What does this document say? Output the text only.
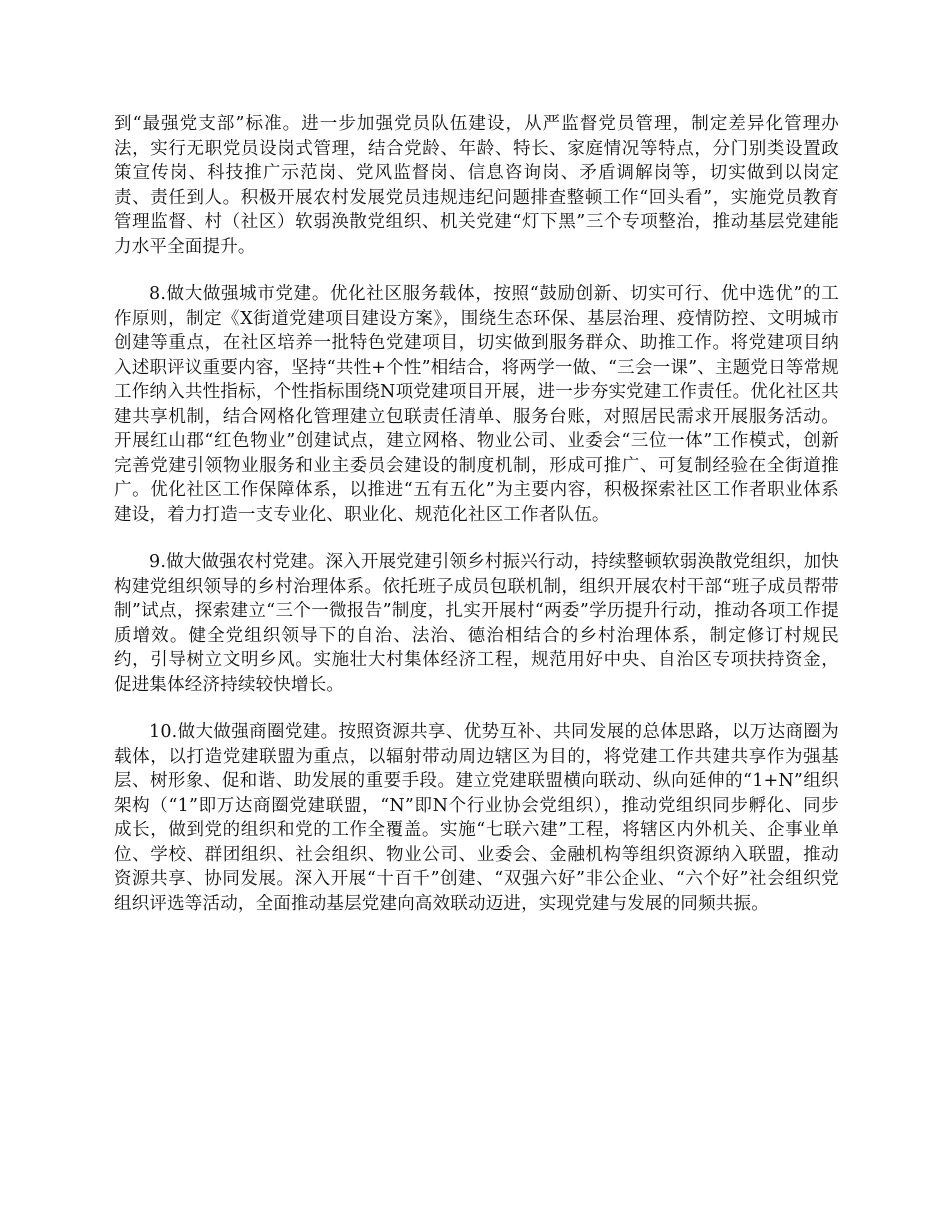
到“最强党支部”标准。进一步加强党员队伍建设，从严监督党员管理，制定差异化管理办法，实行无职党员设岗式管理，结合党龄、年龄、特长、家庭情况等特点，分门别类设置政策宣传岗、科技推广示范岗、党风监督岗、信息咨询岗、矛盾调解岗等，切实做到以岗定责、责任到人。积极开展农村发展党员违规违纪问题排查整顿工作“回头看”，实施党员教育管理监督、村（社区）软弱涣散党组织、机关党建“灯下黑”三个专项整治，推动基层党建能力水平全面提升。

8.做大做强城市党建。优化社区服务载体，按照“鼓励创新、切实可行、优中选优”的工作原则，制定《X街道党建项目建设方案》，围绕生态环保、基层治理、疫情防控、文明城市创建等重点，在社区培养一批特色党建项目，切实做到服务群众、助推工作。将党建项目纳入述职评议重要内容，坚持“共性+个性”相结合，将两学一做、“三会一课”、主题党日等常规工作纳入共性指标，个性指标围绕N项党建项目开展，进一步夯实党建工作责任。优化社区共建共享机制，结合网格化管理建立包联责任清单、服务台账，对照居民需求开展服务活动。开展红山郡“红色物业”创建试点，建立网格、物业公司、业委会“三位一体”工作模式，创新完善党建引领物业服务和业主委员会建设的制度机制，形成可推广、可复制经验在全街道推广。优化社区工作保障体系，以推进“五有五化”为主要内容，积极探索社区工作者职业体系建设，着力打造一支专业化、职业化、规范化社区工作者队伍。

9.做大做强农村党建。深入开展党建引领乡村振兴行动，持续整顿软弱涣散党组织，加快构建党组织领导的乡村治理体系。依托班子成员包联机制，组织开展农村干部“班子成员帮带制”试点，探索建立“三个一微报告”制度，扎实开展村“两委”学历提升行动，推动各项工作提质增效。健全党组织领导下的自治、法治、德治相结合的乡村治理体系，制定修订村规民约，引导树立文明乡风。实施壮大村集体经济工程，规范用好中央、自治区专项扶持资金，促进集体经济持续较快增长。

10.做大做强商圈党建。按照资源共享、优势互补、共同发展的总体思路，以万达商圈为载体，以打造党建联盟为重点，以辐射带动周边辖区为目的，将党建工作共建共享作为强基层、树形象、促和谐、助发展的重要手段。建立党建联盟横向联动、纵向延伸的“1+N”组织架构（“1”即万达商圈党建联盟，“N”即N个行业协会党组织），推动党组织同步孵化、同步成长，做到党的组织和党的工作全覆盖。实施“七联六建”工程，将辖区内外机关、企事业单位、学校、群团组织、社会组织、物业公司、业委会、金融机构等组织资源纳入联盟，推动资源共享、协同发展。深入开展“十百千”创建、“双强六好”非公企业、“六个好”社会组织党组织评选等活动，全面推动基层党建向高效联动迈进，实现党建与发展的同频共振。
